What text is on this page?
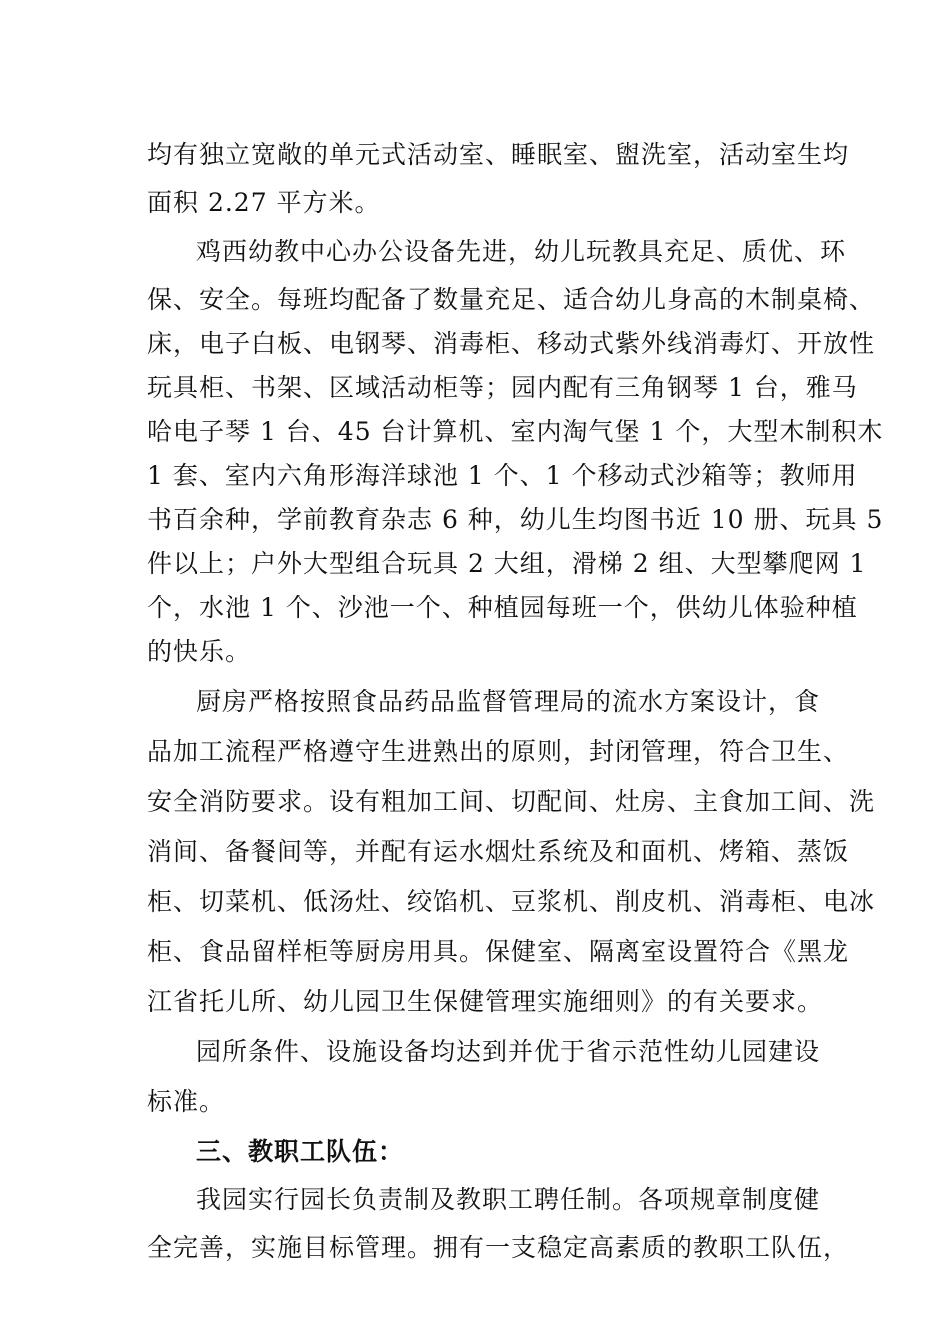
均有独立宽敞的单元式活动室、睡眠室、盥洗室，活动室生均
面积 2.27 平方米。
鸡西幼教中心办公设备先进，幼儿玩教具充足、质优、环
保、安全。每班均配备了数量充足、适合幼儿身高的木制桌椅、
床，电子白板、电钢琴、消毒柜、移动式紫外线消毒灯、开放性
玩具柜、书架、区域活动柜等；园内配有三角钢琴 1 台，雅马
哈电子琴 1 台、45 台计算机、室内淘气堡 1 个，大型木制积木
1 套、室内六角形海洋球池 1 个、1 个移动式沙箱等；教师用
书百余种，学前教育杂志 6 种，幼儿生均图书近 10 册、玩具 5
件以上；户外大型组合玩具 2 大组，滑梯 2 组、大型攀爬网 1
个，水池 1 个、沙池一个、种植园每班一个，供幼儿体验种植
的快乐。
厨房严格按照食品药品监督管理局的流水方案设计，食
品加工流程严格遵守生进熟出的原则，封闭管理，符合卫生、
安全消防要求。设有粗加工间、切配间、灶房、主食加工间、洗
消间、备餐间等，并配有运水烟灶系统及和面机、烤箱、蒸饭
柜、切菜机、低汤灶、绞馅机、豆浆机、削皮机、消毒柜、电冰
柜、食品留样柜等厨房用具。保健室、隔离室设置符合《黑龙
江省托儿所、幼儿园卫生保健管理实施细则》的有关要求。
园所条件、设施设备均达到并优于省示范性幼儿园建设
标准。
三、教职工队伍：
我园实行园长负责制及教职工聘任制。各项规章制度健
全完善，实施目标管理。拥有一支稳定高素质的教职工队伍，
